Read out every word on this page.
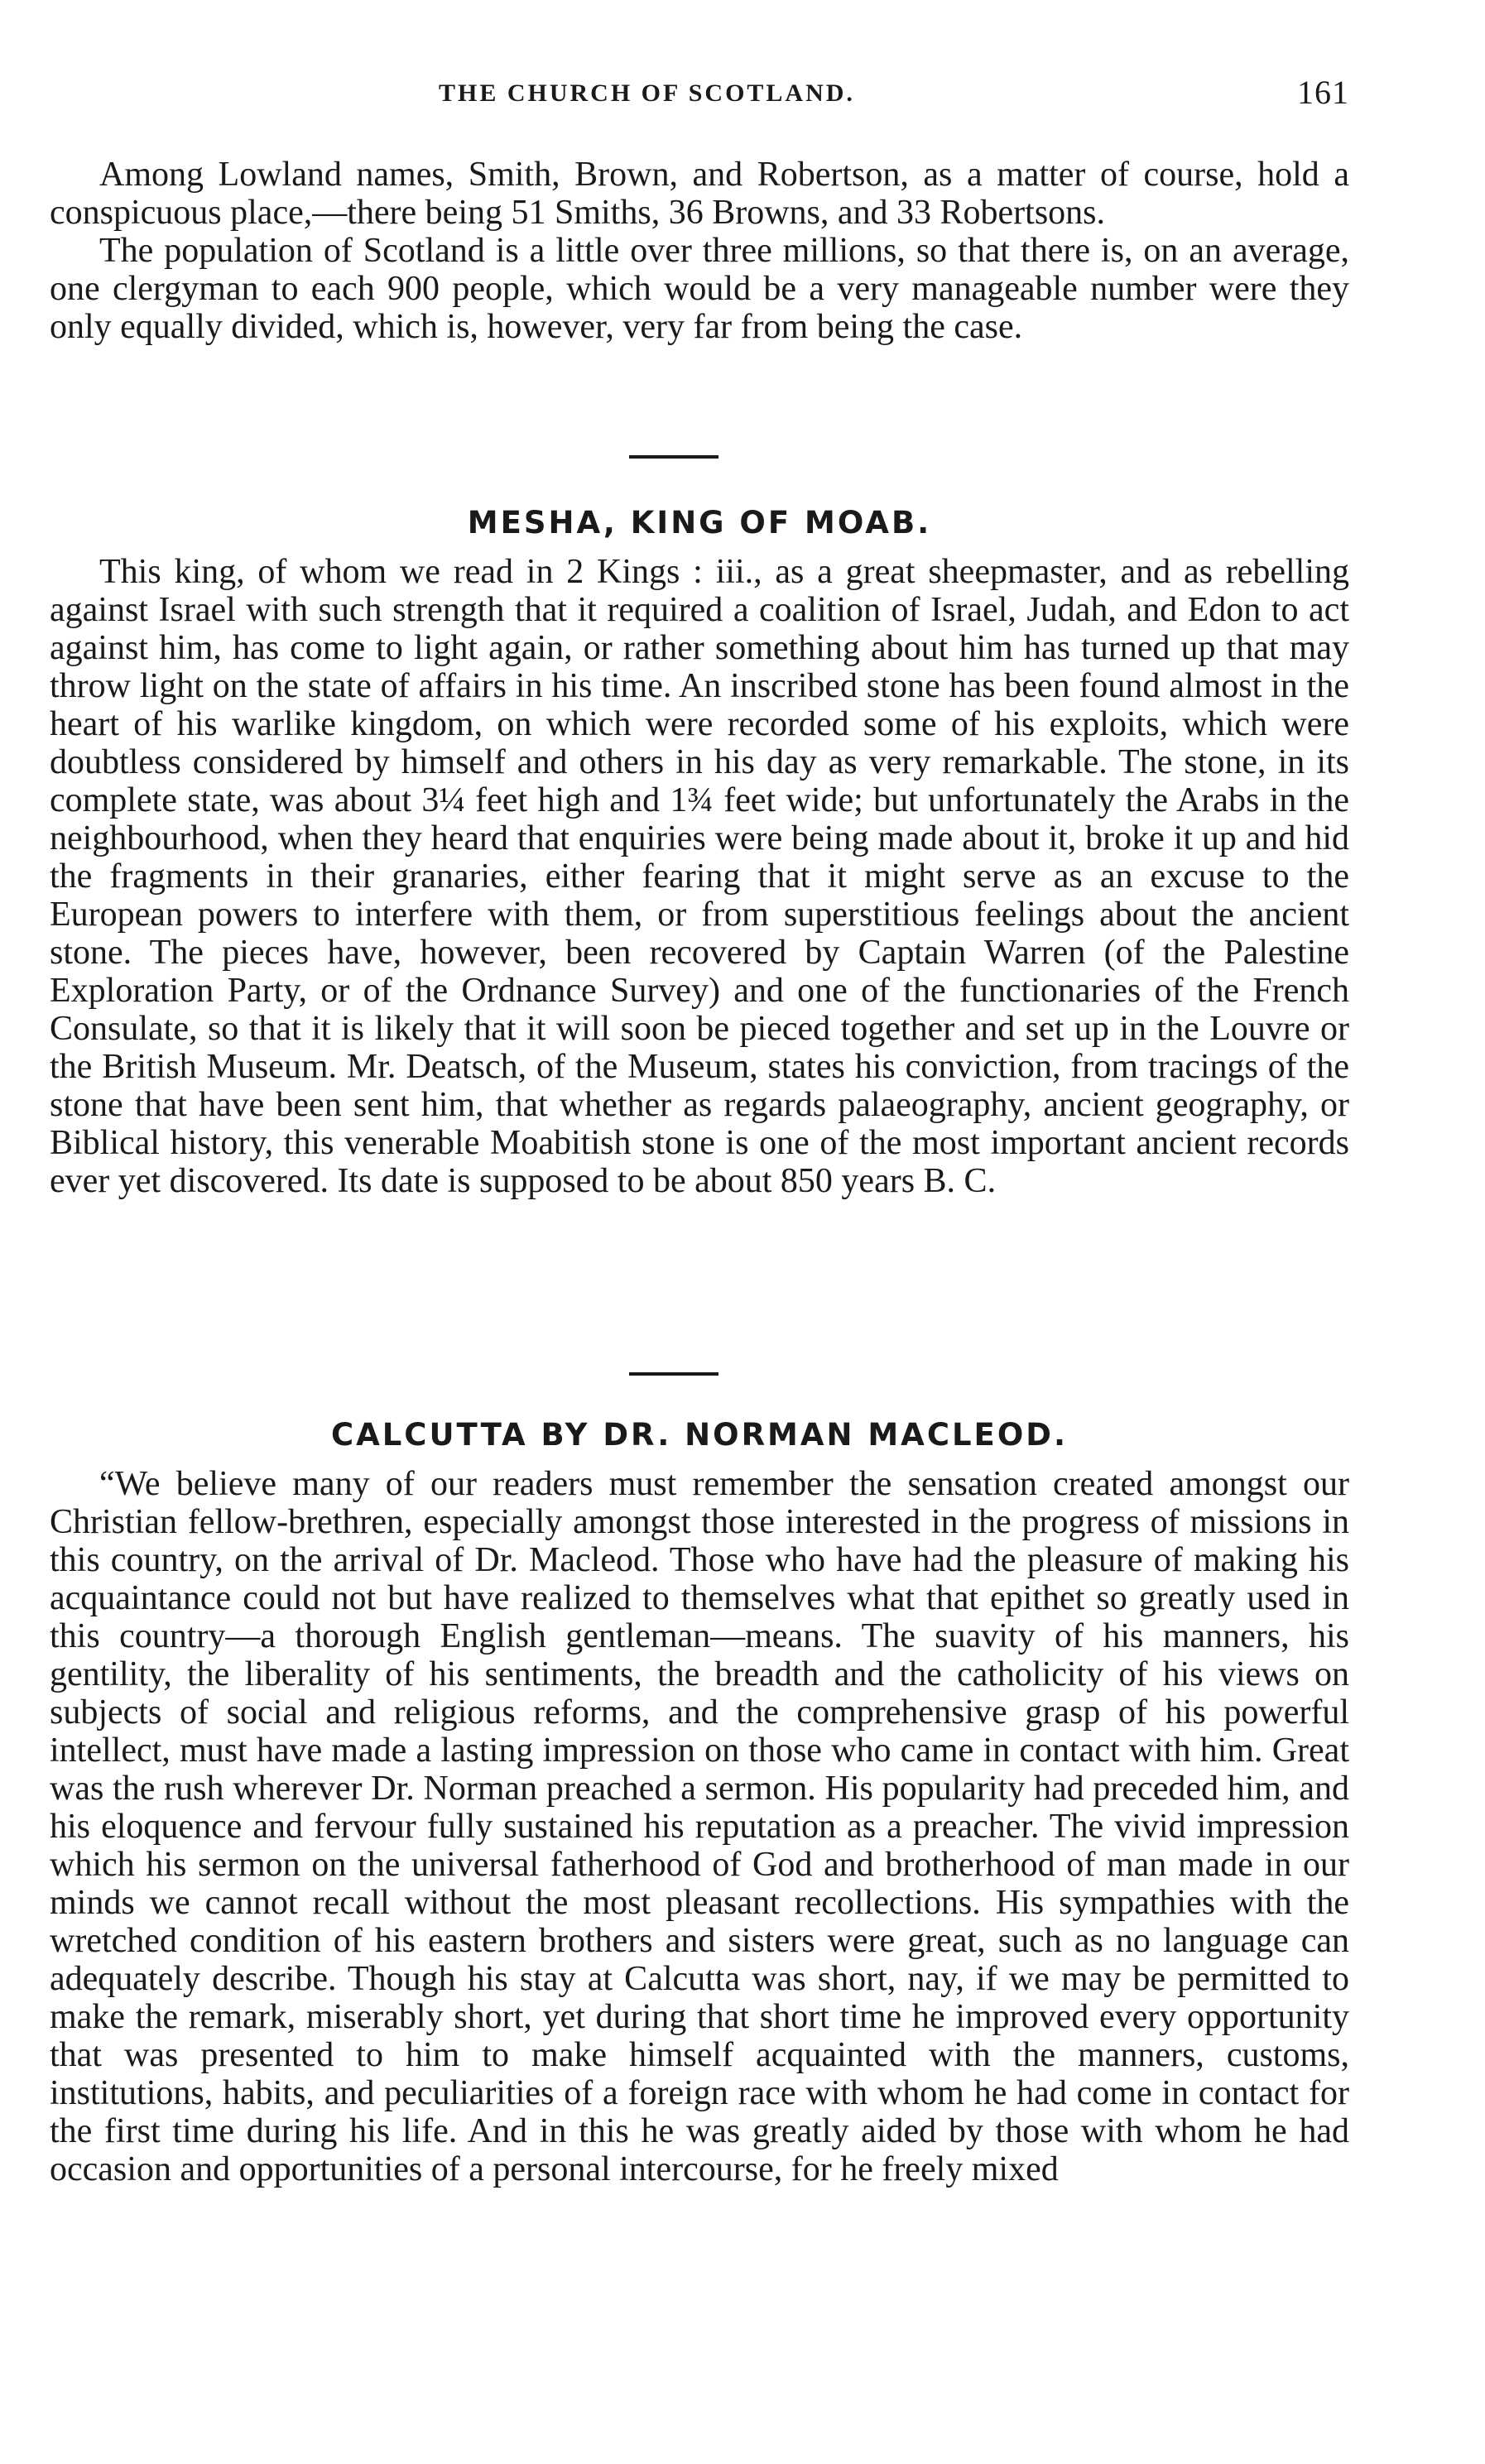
THE CHURCH OF SCOTLAND.	161

Among Lowland names, Smith, Brown, and Robertson, as a matter of course, hold a conspicuous place,—there being 51 Smiths, 36 Browns, and 33 Robertsons.

The population of Scotland is a little over three millions, so that there is, on an average, one clergyman to each 900 people, which would be a very manageable number were they only equally divided, which is, however, very far from being the case.

MESHA, KING OF MOAB.

This king, of whom we read in 2 Kings : iii., as a great sheepmaster, and as rebelling against Israel with such strength that it required a coalition of Israel, Judah, and Edon to act against him, has come to light again, or rather something about him has turned up that may throw light on the state of affairs in his time. An inscribed stone has been found almost in the heart of his warlike kingdom, on which were recorded some of his exploits, which were doubtless considered by himself and others in his day as very remarkable. The stone, in its complete state, was about 3¼ feet high and 1¾ feet wide; but unfortunately the Arabs in the neighbourhood, when they heard that enquiries were being made about it, broke it up and hid the fragments in their granaries, either fearing that it might serve as an excuse to the European powers to interfere with them, or from superstitious feelings about the ancient stone. The pieces have, however, been recovered by Captain Warren (of the Palestine Exploration Party, or of the Ordnance Survey) and one of the functionaries of the French Consulate, so that it is likely that it will soon be pieced together and set up in the Louvre or the British Museum. Mr. Deatsch, of the Museum, states his conviction, from tracings of the stone that have been sent him, that whether as regards palaeography, ancient geography, or Biblical history, this venerable Moabitish stone is one of the most important ancient records ever yet discovered. Its date is supposed to be about 850 years B. C.

CALCUTTA BY DR. NORMAN MACLEOD.

“We believe many of our readers must remember the sensation created amongst our Christian fellow-brethren, especially amongst those interested in the progress of missions in this country, on the arrival of Dr. Macleod. Those who have had the pleasure of making his acquaintance could not but have realized to themselves what that epithet so greatly used in this country—a thorough English gentleman—means. The suavity of his manners, his gentility, the liberality of his sentiments, the breadth and the catholicity of his views on subjects of social and religious reforms, and the comprehensive grasp of his powerful intellect, must have made a lasting impression on those who came in contact with him. Great was the rush wherever Dr. Norman preached a sermon. His popularity had preceded him, and his eloquence and fervour fully sustained his reputation as a preacher. The vivid impression which his sermon on the universal fatherhood of God and brotherhood of man made in our minds we cannot recall without the most pleasant recollections. His sympathies with the wretched condition of his eastern brothers and sisters were great, such as no language can adequately describe. Though his stay at Calcutta was short, nay, if we may be permitted to make the remark, miserably short, yet during that short time he improved every opportunity that was presented to him to make himself acquainted with the manners, customs, institutions, habits, and peculiarities of a foreign race with whom he had come in contact for the first time during his life. And in this he was greatly aided by those with whom he had occasion and opportunities of a personal intercourse, for he freely mixed
